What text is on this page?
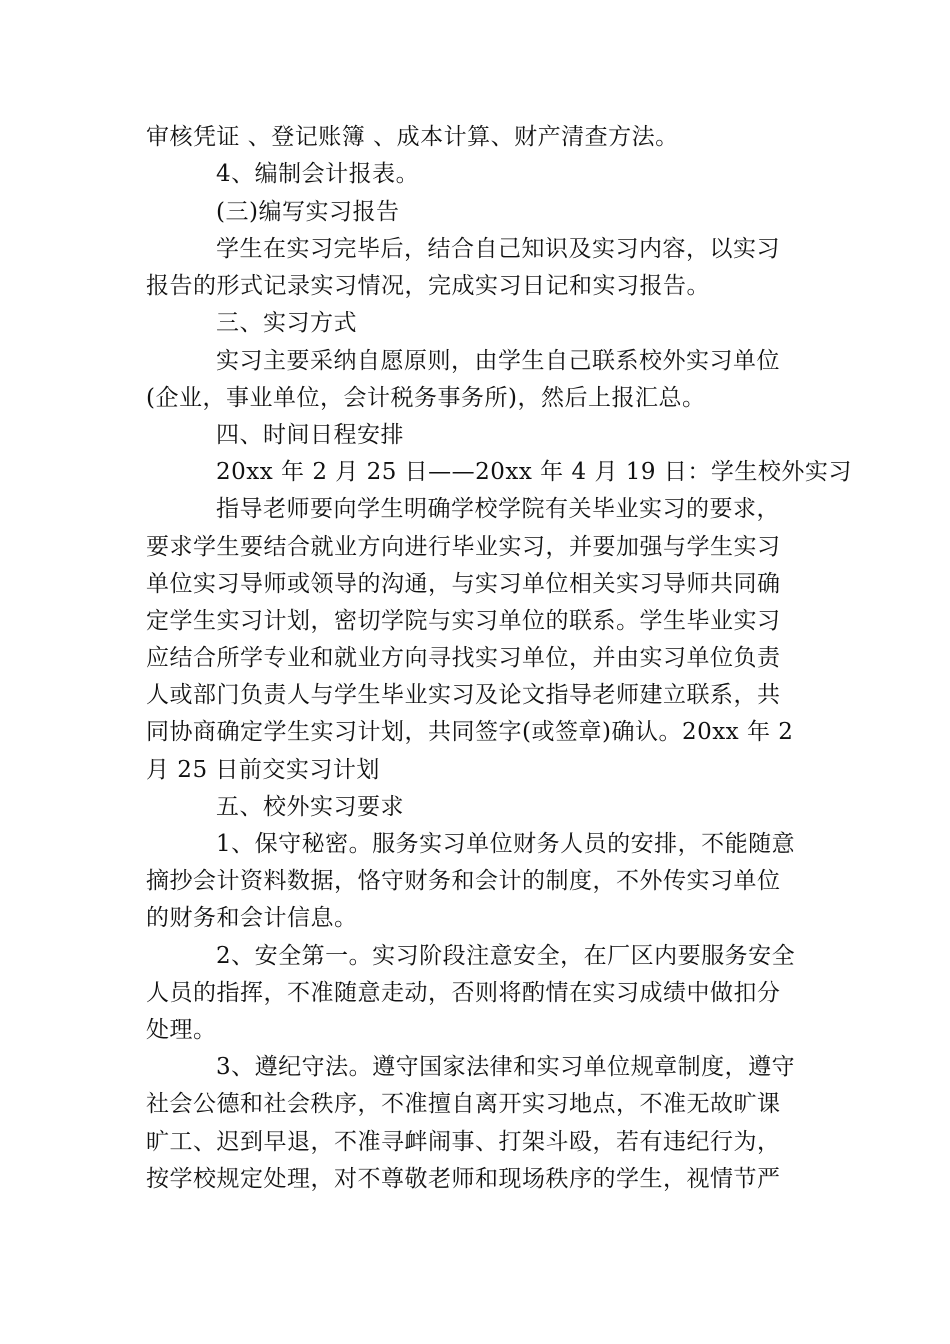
审核凭证 、登记账簿 、成本计算、财产清查方法。
4、编制会计报表。
(三)编写实习报告
学生在实习完毕后，结合自己知识及实习内容，以实习
报告的形式记录实习情况，完成实习日记和实习报告。
三、实习方式
实习主要采纳自愿原则，由学生自己联系校外实习单位
(企业，事业单位，会计税务事务所)，然后上报汇总。
四、时间日程安排
20xx 年 2 月 25 日——20xx 年 4 月 19 日：学生校外实习
指导老师要向学生明确学校学院有关毕业实习的要求，
要求学生要结合就业方向进行毕业实习，并要加强与学生实习
单位实习导师或领导的沟通，与实习单位相关实习导师共同确
定学生实习计划，密切学院与实习单位的联系。学生毕业实习
应结合所学专业和就业方向寻找实习单位，并由实习单位负责
人或部门负责人与学生毕业实习及论文指导老师建立联系，共
同协商确定学生实习计划，共同签字(或签章)确认。20xx 年 2
月 25 日前交实习计划
五、校外实习要求
1、保守秘密。服务实习单位财务人员的安排，不能随意
摘抄会计资料数据，恪守财务和会计的制度，不外传实习单位
的财务和会计信息。
2、安全第一。实习阶段注意安全，在厂区内要服务安全
人员的指挥，不准随意走动，否则将酌情在实习成绩中做扣分
处理。
3、遵纪守法。遵守国家法律和实习单位规章制度，遵守
社会公德和社会秩序，不准擅自离开实习地点，不准无故旷课
旷工、迟到早退，不准寻衅闹事、打架斗殴，若有违纪行为，
按学校规定处理，对不尊敬老师和现场秩序的学生，视情节严
